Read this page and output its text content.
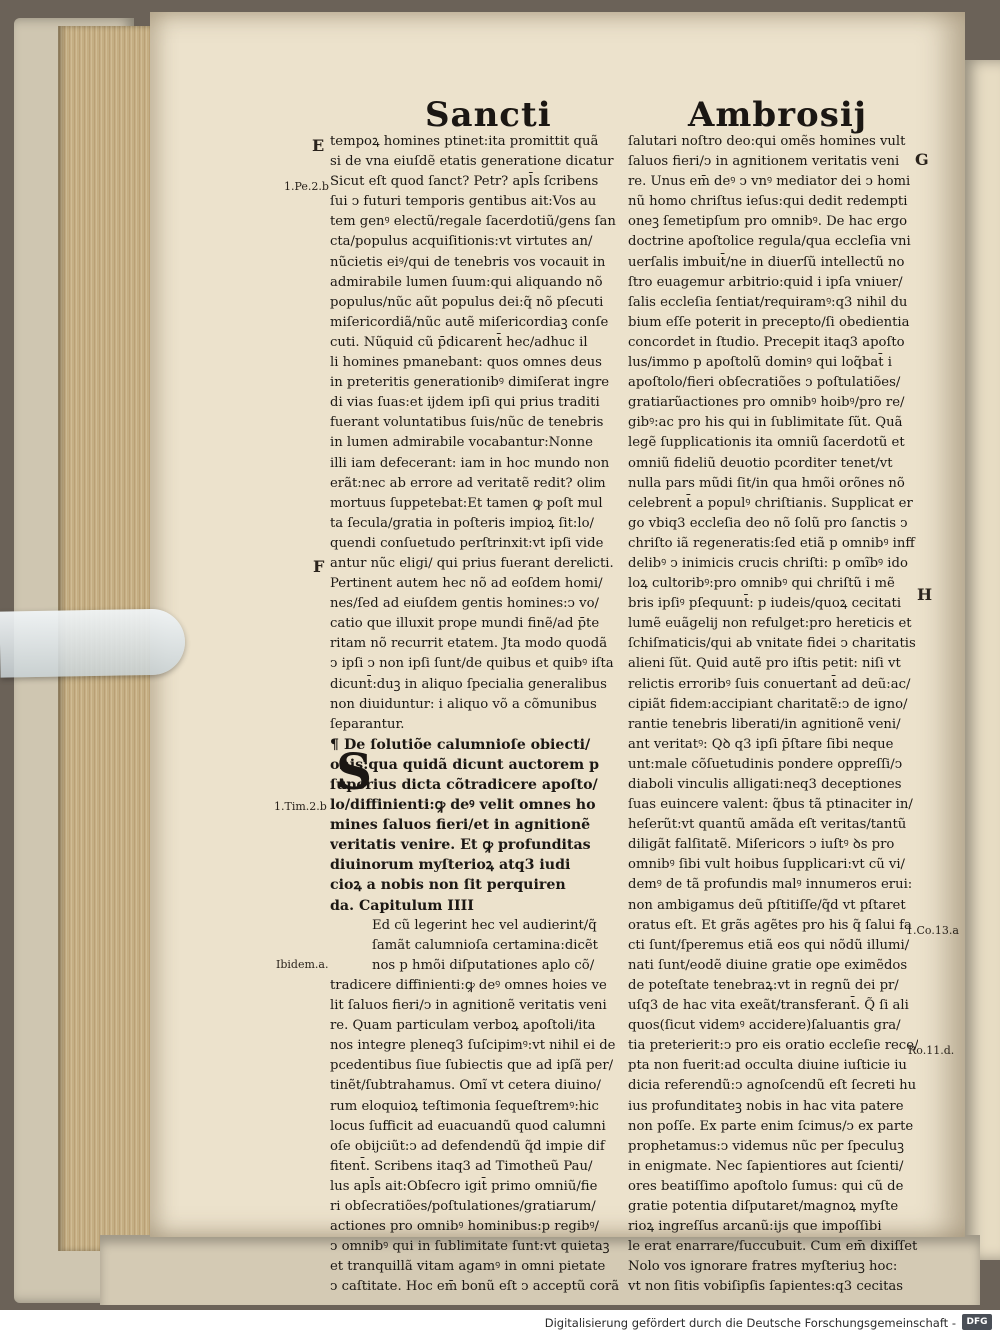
Sancti	Ambrosij
tempoꝝ homines ptinet:ita promittit quã
si de vna eiuſdẽ etatis generatione dicatur
Sicut eſt quod ſanct? Petr? apl̄s ſcribens
ſui ↄ futuri temporis gentibus ait:Vos au
tem genꝰ electũ/regale ſacerdotiũ/gens ſan
cta/populus acquiſitionis:vt virtutes an/
nũcietis eiꝰ/qui de tenebris vos vocauit in
admirabile lumen ſuum:qui aliquando nõ
populus/nũc aũt populus dei:q̃ nõ pſecuti
miſericordiã/nũc autẽ miſericordiaꝫ conſe
cuti. Nũquid cũ p̄dicarent̄ hec/adhuc il
li homines pmanebant: quos omnes deus
in preteritis generationibꝰ dimiſerat ingre
di vias ſuas:et ijdem ipſi qui prius traditi
fuerant voluntatibus ſuis/nũc de tenebris
in lumen admirabile vocabantur:Nonne
illi iam defecerant: iam in hoc mundo non
erãt:nec ab errore ad veritatẽ redit? olim
mortuus ſuppetebat:Et tamen ꝙ poſt mul
ta ſecula/gratia in poſteris impioꝝ ſit:lo/
quendi conſuetudo perſtrinxit:vt ipſi vide
antur nũc eligi/ qui prius fuerant derelicti.
Pertinent autem hec nõ ad eoſdem homi/
nes/ſed ad eiuſdem gentis homines:ↄ vo/
catio que illuxit prope mundi finẽ/ad p̄te
ritam nõ recurrit etatem. Jta modo quodã
ↄ ipſi ↄ non ipſi ſunt/de quibus et quibꝰ iſta
dicunt̄:duꝫ in aliquo ſpecialia generalibus
non diuiduntur: i aliquo võ a cõmunibus
ſeparantur.
¶ De ſolutiõe calumnioſe obiecti/
onis:qua quidã dicunt auctorem p
ſuperius dicta cõtradicere apoſto/
lo/diffinienti:ꝙ deꝰ velit omnes ho
mines ſaluos fieri/et in agnitionẽ
veritatis venire. Et ꝙ profunditas
diuinorum myſterioꝝ atq3 iudi
cioꝝ a nobis non ſit perquiren
da. Capitulum IIII
Ed cũ legerint hec vel audierint/q̃
ſamãt calumnioſa certamina:dicẽt
nos p hmõi diſputationes aplo cõ/
tradicere diffinienti:ꝙ deꝰ omnes hoies ve
lit ſaluos fieri/ↄ in agnitionẽ veritatis veni
re. Quam particulam verboꝝ apoſtoli/ita
nos integre pleneq3 ſuſcipimꝰ:vt nihil ei de
pcedentibus ſiue ſubiectis que ad ipſã per/
tinẽt/ſubtrahamus. Omĩ vt cetera diuino/
rum eloquioꝝ teſtimonia ſequeſtremꝰ:hic
locus ſufficit ad euacuandũ quod calumni
oſe obijciũt:ↄ ad defendendũ q̃d impie dif
fitent̄. Scribens itaq3 ad Timotheũ Pau/
lus apl̄s ait:Obſecro igit̄ primo omniũ/fie
ri obſecratiões/poſtulationes/gratiarum/
actiones pro omnibꝰ hominibus:p regibꝰ/
ↄ omnibꝰ qui in ſublimitate ſunt:vt quietaꝫ
et tranquillã vitam agamꝰ in omni pietate
ↄ caſtitate. Hoc em̄ bonũ eſt ↄ acceptũ corã
ſalutari noſtro deo:qui omẽs homines vult
ſaluos fieri/ↄ in agnitionem veritatis veni
re. Unus em̄ deꝰ ↄ vnꝰ mediator dei ↄ homi
nũ homo chriſtus ieſus:qui dedit redempti
oneꝫ ſemetipſum pro omnibꝰ. De hac ergo
doctrine apoſtolice regula/qua eccleſia vni
uerſalis imbuit̄/ne in diuerſũ intellectũ no
ſtro euagemur arbitrio:quid i ipſa vniuer/
ſalis eccleſia ſentiat/requiramꝰ:q3 nihil du
bium eſſe poterit in precepto/ſi obedientia
concordet in ſtudio. Precepit itaq3 apoſto
lus/immo p apoſtolũ dominꝰ qui loq̃bat̄ i
apoſtolo/fieri obſecratiões ↄ poſtulatiões/
gratiarũactiones pro omnibꝰ hoibꝰ/pro re/
gibꝰ:ac pro his qui in ſublimitate ſũt. Quã
legẽ ſupplicationis ita omniũ ſacerdotũ et
omniũ fideliũ deuotio pcorditer tenet/vt
nulla pars mũdi ſit/in qua hmõi orõnes nõ
celebrent̄ a populꝰ chriſtianis. Supplicat er
go vbiq3 eccleſia deo nõ ſolũ pro ſanctis ↄ
chriſto iã regeneratis:ſed etiã p omnibꝰ inff
delibꝰ ↄ inimicis crucis chriſti: p omĩbꝰ ido
loꝝ cultoribꝰ:pro omnibꝰ qui chriſtũ i mẽ
bris ipſiꝰ pſequunt̄: p iudeis/quoꝝ cecitati
lumẽ euãgelij non refulget:pro hereticis et
ſchiſmaticis/qui ab vnitate fidei ↄ charitatis
alieni ſũt. Quid autẽ pro iſtis petit: niſi vt
relictis erroribꝰ ſuis conuertant̄ ad deũ:ac/
cipiãt fidem:accipiant charitatẽ:ↄ de igno/
rantie tenebris liberati/in agnitionẽ veni/
ant veritatꝰ: Qꝺ q3 ipſi p̄ſtare ſibi neque
unt:male cõſuetudinis pondere oppreſſi/ↄ
diaboli vinculis alligati:neq3 deceptiones
ſuas euincere valent: q̃bus tã ptinaciter in/
heſerũt:vt quantũ amãda eſt veritas/tantũ
diligãt falſitatẽ. Miſericors ↄ iuſtꝰ ꝺs pro
omnibꝰ ſibi vult hoibus ſupplicari:vt cũ vi/
demꝰ de tã profundis malꝰ innumeros erui:
non ambigamus deũ pſtitiſſe/q̃d vt pſtaret
oratus eſt. Et grãs agẽtes pro his q̃ ſalui fa
cti ſunt/ſperemus etiã eos qui nõdũ illumi/
nati ſunt/eodẽ diuine gratie ope eximẽdos
de poteſtate tenebraꝝ:vt in regnũ dei pr/
uſq3 de hac vita exeãt/transferant̄. Q̃ ſi ali
quos(ſicut videmꝰ accidere)ſaluantis gra/
tia preterierit:ↄ pro eis oratio eccleſie rece/
pta non fuerit:ad occulta diuine iuſticie iu
dicia referendũ:ↄ agnoſcendũ eſt ſecreti hu
ius profunditateꝫ nobis in hac vita patere
non poſſe. Ex parte enim ſcimus/ↄ ex parte
prophetamus:ↄ videmus nũc per ſpeculuꝫ
in enigmate. Nec ſapientiores aut ſcienti/
ores beatiſſimo apoſtolo ſumus: qui cũ de
gratie potentia diſputaret/magnoꝝ myſte
rioꝝ ingreſſus arcanũ:ijs que impoſſibi
le erat enarrare/ſuccubuit. Cum em̄ dixiſſet
Nolo vos ignorare fratres myſteriuꝫ hoc:
vt non ſitis vobiſipſis ſapientes:q3 cecitas
S
E
1.Pe.2.b
F
1.Tim.2.b
Ibidem.a.
G
H
1.Co.13.a
Ro.11.d.
Digitalisierung gefördert durch die Deutsche Forschungsgemeinschaft -	DFG
